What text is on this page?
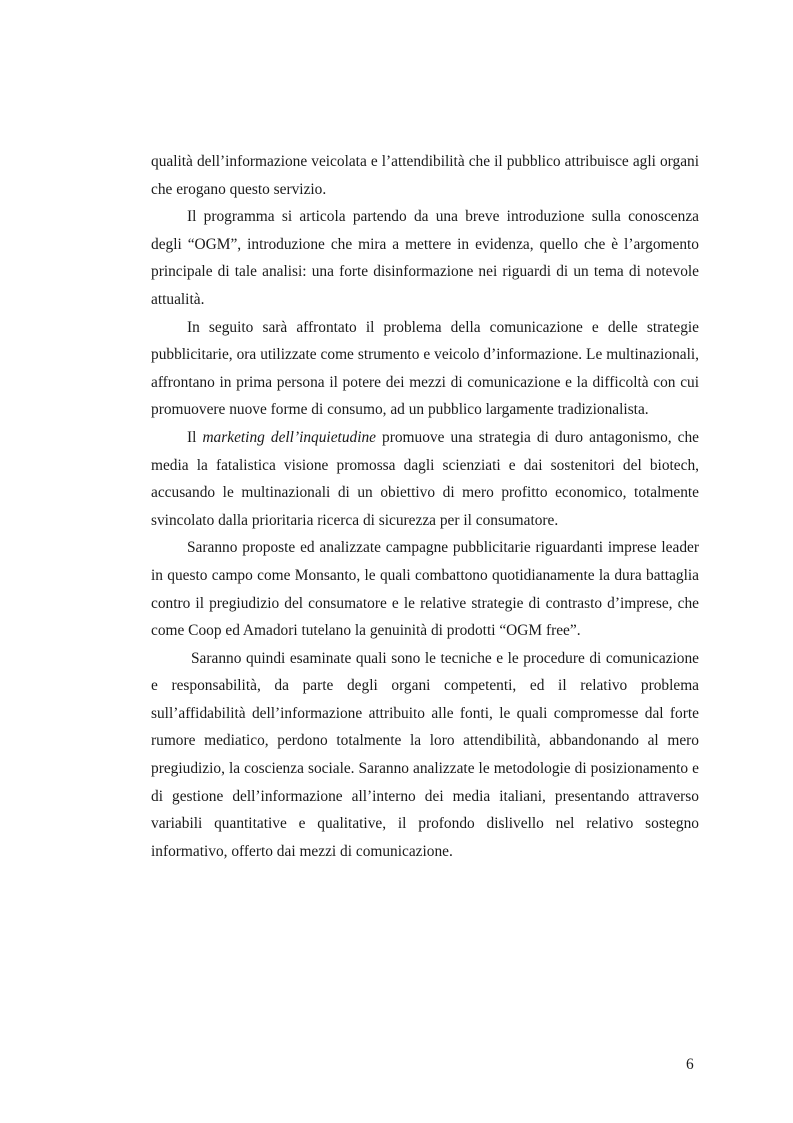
qualità dell’informazione veicolata e l’attendibilità che il pubblico attribuisce agli organi che erogano questo servizio.

Il programma si articola partendo da una breve introduzione sulla conoscenza degli “OGM”, introduzione che mira a mettere in evidenza, quello che è l’argomento principale di tale analisi: una forte disinformazione nei riguardi di un tema di notevole attualità.

In seguito sarà affrontato il problema della comunicazione e delle strategie pubblicitarie, ora utilizzate come strumento e veicolo d’informazione. Le multinazionali, affrontano in prima persona il potere dei mezzi di comunicazione e la difficoltà con cui promuovere nuove forme di consumo, ad un pubblico largamente tradizionalista.

Il marketing dell’inquietudine promuove una strategia di duro antagonismo, che media la fatalistica visione promossa dagli scienziati e dai sostenitori del biotech, accusando le multinazionali di un obiettivo di mero profitto economico, totalmente svincolato dalla prioritaria ricerca di sicurezza per il consumatore.

Saranno proposte ed analizzate campagne pubblicitarie riguardanti imprese leader in questo campo come Monsanto, le quali combattono quotidianamente la dura battaglia contro il pregiudizio del consumatore e le relative strategie di contrasto d’imprese, che come Coop ed Amadori tutelano la genuinità di prodotti “OGM free”.

Saranno quindi esaminate quali sono le tecniche e le procedure di comunicazione e responsabilità, da parte degli organi competenti, ed il relativo problema sull’affidabilità dell’informazione attribuito alle fonti, le quali compromesse dal forte rumore mediatico, perdono totalmente la loro attendibilità, abbandonando al mero pregiudizio, la coscienza sociale. Saranno analizzate le metodologie di posizionamento e di gestione dell’informazione all’interno dei media italiani, presentando attraverso variabili quantitative e qualitative, il profondo dislivello nel relativo sostegno informativo, offerto dai mezzi di comunicazione.

6
